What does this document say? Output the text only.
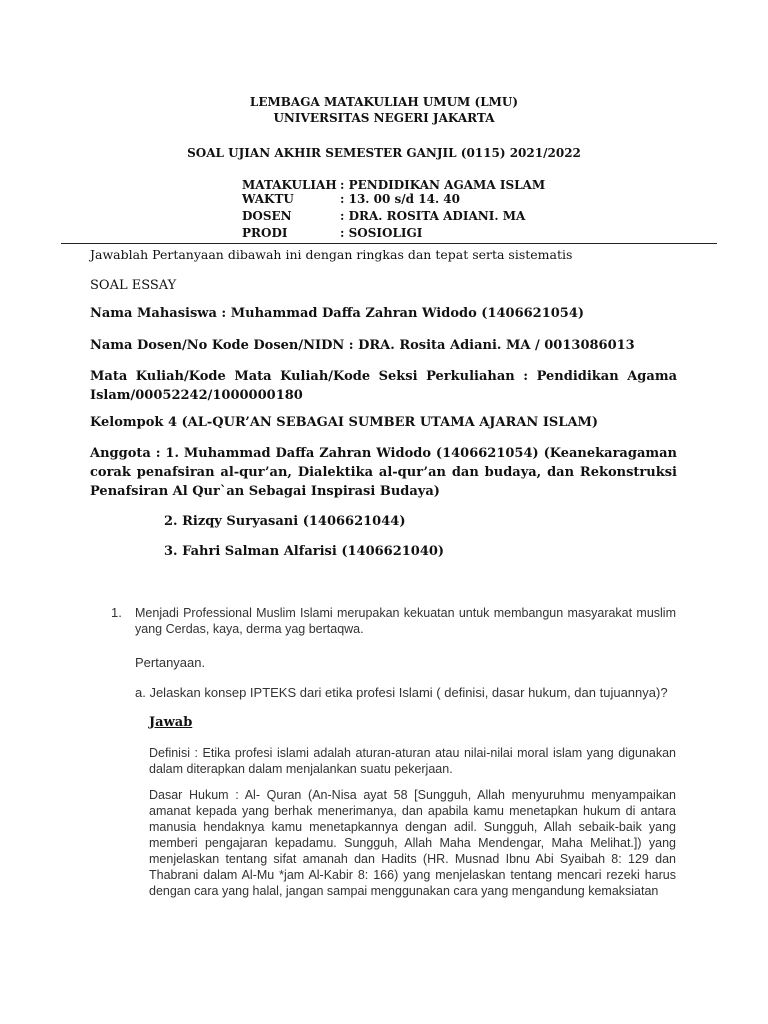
LEMBAGA MATAKULIAH UMUM (LMU)
UNIVERSITAS NEGERI JAKARTA
SOAL UJIAN AKHIR SEMESTER GANJIL (0115) 2021/2022
MATAKULIAH : PENDIDIKAN AGAMA ISLAM
WAKTU	: 13. 00 s/d 14. 40
DOSEN	: DRA. ROSITA ADIANI. MA
PRODI	: SOSIOLIGI
Jawablah Pertanyaan dibawah ini dengan ringkas dan tepat serta sistematis
SOAL ESSAY
Nama Mahasiswa : Muhammad Daffa Zahran Widodo (1406621054)
Nama Dosen/No Kode Dosen/NIDN : DRA. Rosita Adiani. MA / 0013086013
Mata Kuliah/Kode Mata Kuliah/Kode Seksi Perkuliahan : Pendidikan Agama Islam/00052242/1000000180
Kelompok 4 (AL-QUR’AN SEBAGAI SUMBER UTAMA AJARAN ISLAM)
Anggota : 1. Muhammad Daffa Zahran Widodo (1406621054) (Keanekaragaman corak penafsiran al-qur’an, Dialektika al-qur’an dan budaya, dan Rekonstruksi Penafsiran Al Qur`an Sebagai Inspirasi Budaya)
2. Rizqy Suryasani (1406621044)
3. Fahri Salman Alfarisi (1406621040)
1. Menjadi Professional Muslim Islami merupakan kekuatan untuk membangun masyarakat muslim yang Cerdas, kaya, derma yag bertaqwa.
Pertanyaan.
a. Jelaskan konsep IPTEKS dari etika profesi Islami ( definisi, dasar hukum, dan tujuannya)?
Jawab
Definisi : Etika profesi islami adalah aturan-aturan atau nilai-nilai moral islam yang digunakan dalam diterapkan dalam menjalankan suatu pekerjaan.
Dasar Hukum : Al- Quran (An-Nisa ayat 58 [Sungguh, Allah menyuruhmu menyampaikan amanat kepada yang berhak menerimanya, dan apabila kamu menetapkan hukum di antara manusia hendaknya kamu menetapkannya dengan adil. Sungguh, Allah sebaik-baik yang memberi pengajaran kepadamu. Sungguh, Allah Maha Mendengar, Maha Melihat.]) yang menjelaskan tentang sifat amanah dan Hadits (HR. Musnad Ibnu Abi Syaibah 8: 129 dan Thabrani dalam Al-Mu *jam Al-Kabir 8: 166) yang menjelaskan tentang mencari rezeki harus dengan cara yang halal, jangan sampai menggunakan cara yang mengandung kemaksiatan
